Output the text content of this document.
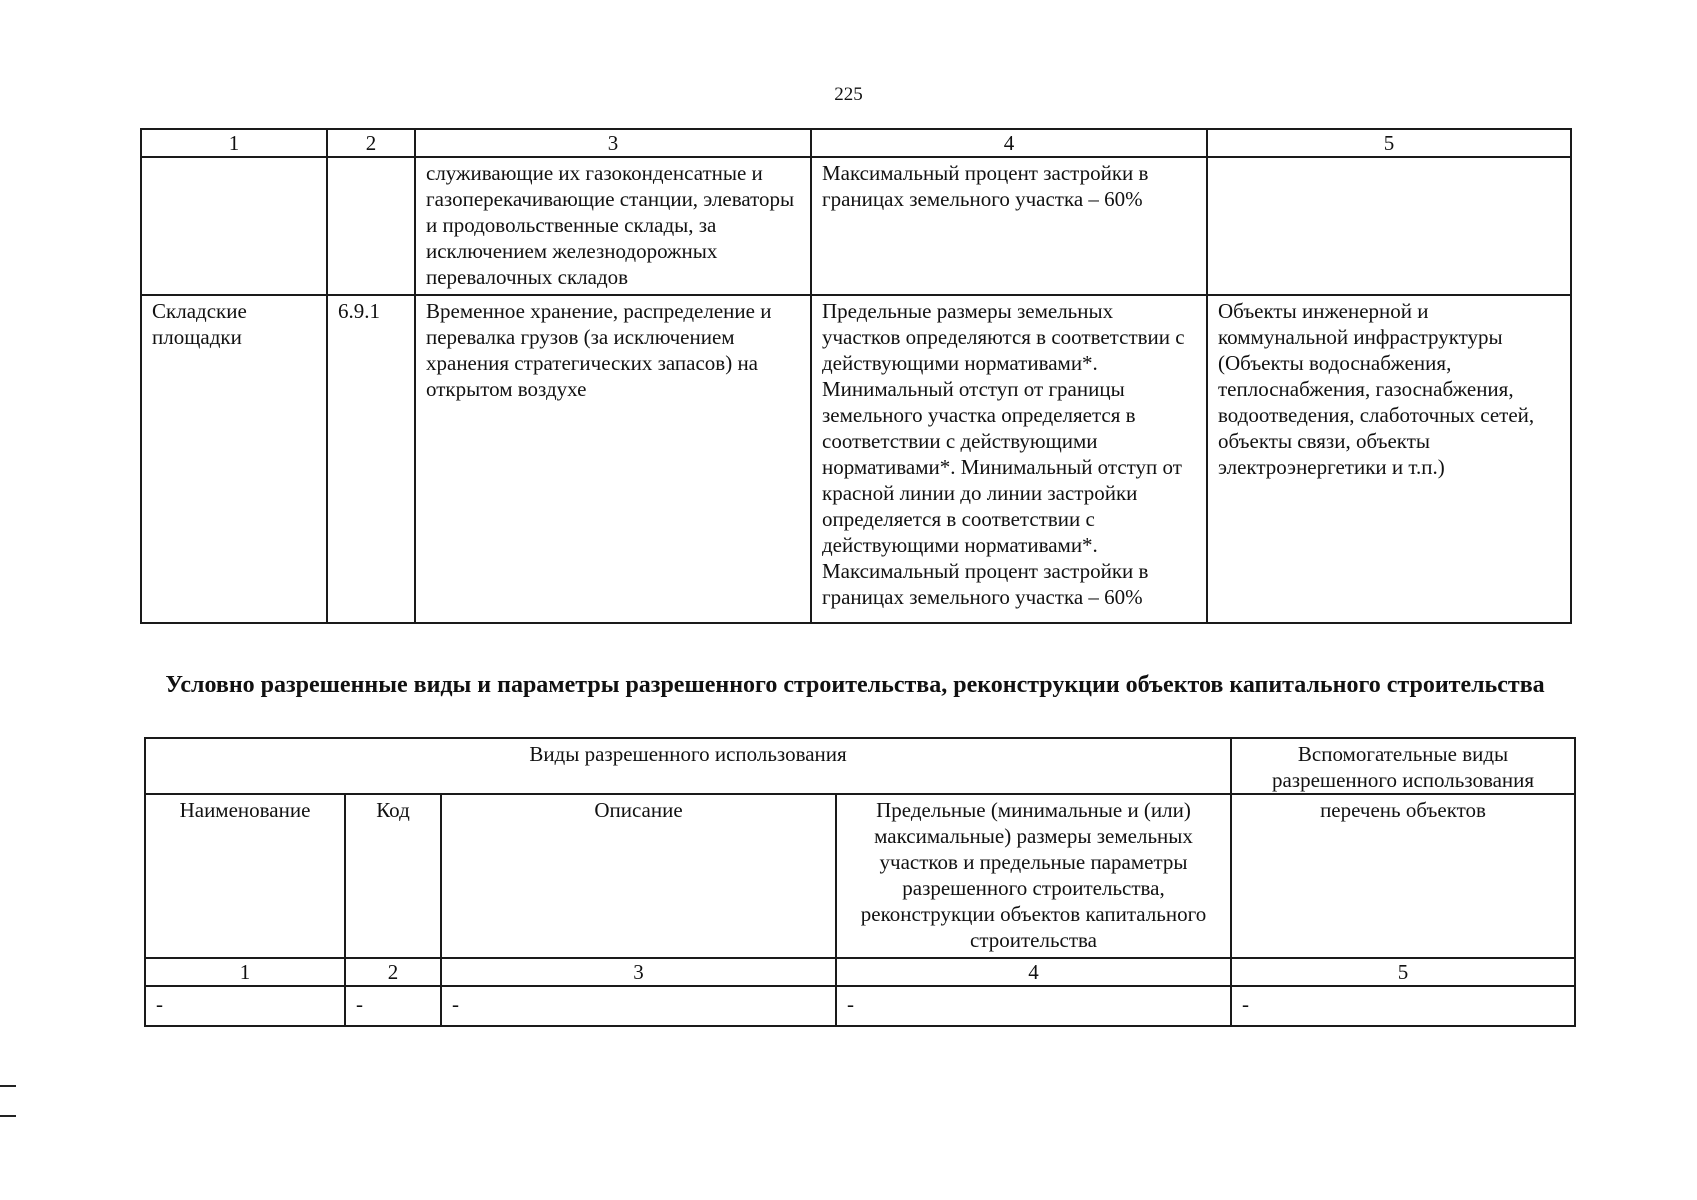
225
1	2	3	4	5
		служивающие их газоконденсатные и газоперекачивающие станции, элеваторы и продовольственные склады, за исключением железнодорожных перевалочных складов	Максимальный процент застройки в границах земельного участка – 60%	
Складские площадки	6.9.1	Временное хранение, распределение и перевалка грузов (за исключением хранения стратегических запасов) на открытом воздухе	Предельные размеры земельных участков определяются в соответствии с действующими нормативами*. Минимальный отступ от границы земельного участка определяется в соответствии с действующими нормативами*. Минимальный отступ от красной линии до линии застройки определяется в соответствии с действующими нормативами*. Максимальный процент застройки в границах земельного участка – 60%	Объекты инженерной и коммунальной инфраструктуры (Объекты водоснабжения, теплоснабжения, газоснабжения, водоотведения, слаботочных сетей, объекты связи, объекты электроэнергетики и т.п.)
Условно разрешенные виды и параметры разрешенного строительства, реконструкции объектов капитального строительства
Виды разрешенного использования				Вспомогательные виды разрешенного использования
Наименование	Код	Описание	Предельные (минимальные и (или) максимальные) размеры земельных участков и предельные параметры разрешенного строительства, реконструкции объектов капитального строительства	перечень объектов
1	2	3	4	5
-	-	-	-	-
